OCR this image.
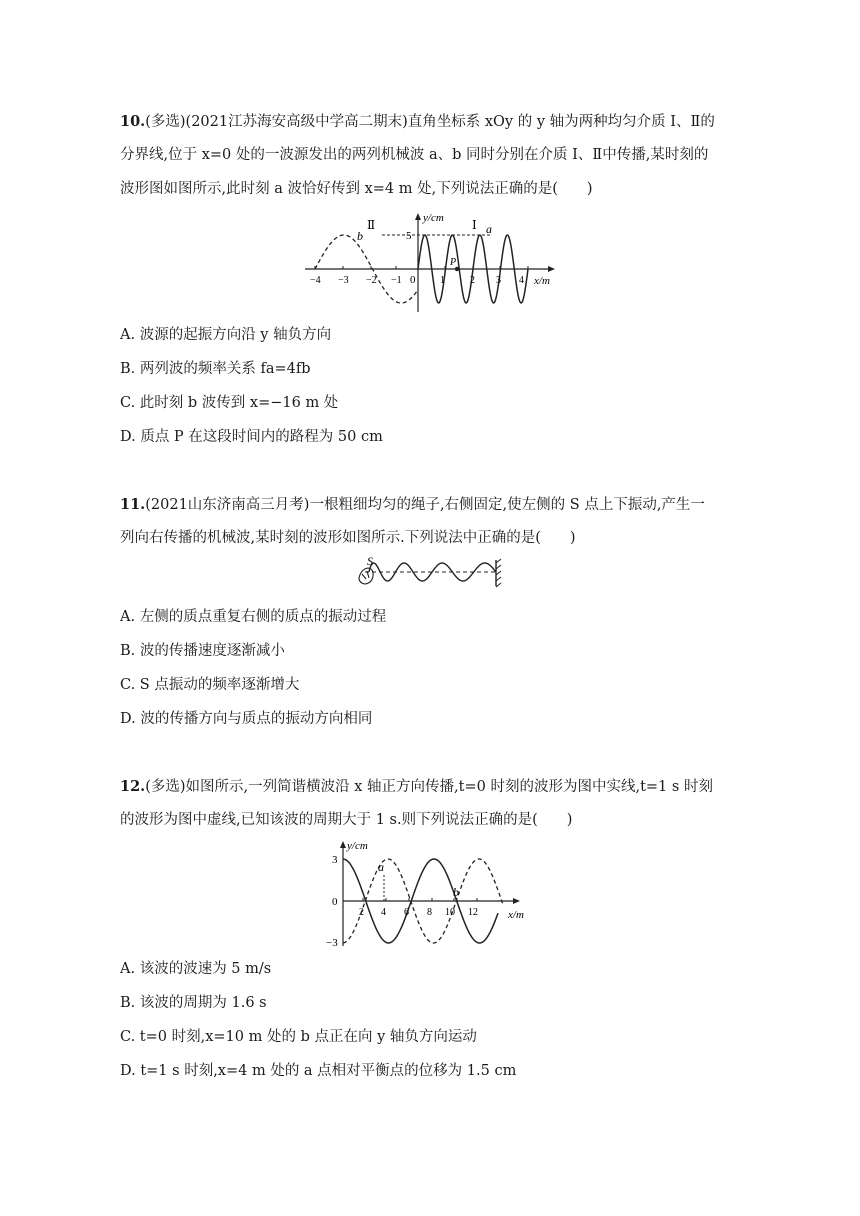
10.(多选)(2021江苏海安高级中学高二期末)直角坐标系 xOy 的 y 轴为两种均匀介质 Ⅰ、Ⅱ的
分界线,位于 x=0 处的一波源发出的两列机械波 a、b 同时分别在介质 Ⅰ、Ⅱ中传播,某时刻的
波形图如图所示,此时刻 a 波恰好传到 x=4 m 处,下列说法正确的是(　　)
y/cm
x/m
5
0
b
Ⅱ	Ⅰ a
P
−4 −3 −2 −1	1	2 3 4
A. 波源的起振方向沿 y 轴负方向
B. 两列波的频率关系 fa=4fb
C. 此时刻 b 波传到 x=−16 m 处
D. 质点 P 在这段时间内的路程为 50 cm
11.(2021山东济南高三月考)一根粗细均匀的绳子,右侧固定,使左侧的 S 点上下振动,产生一
列向右传播的机械波,某时刻的波形如图所示.下列说法中正确的是(　　)
S
A. 左侧的质点重复右侧的质点的振动过程
B. 波的传播速度逐渐减小
C. S 点振动的频率逐渐增大
D. 波的传播方向与质点的振动方向相同
12.(多选)如图所示,一列简谐横波沿 x 轴正方向传播,t=0 时刻的波形为图中实线,t=1 s 时刻
的波形为图中虚线,已知该波的周期大于 1 s.则下列说法正确的是(　　)
y/cm
x/m
3
−3
0
a
b
2 4 6 8 10 12
A. 该波的波速为 5 m/s
B. 该波的周期为 1.6 s
C. t=0 时刻,x=10 m 处的 b 点正在向 y 轴负方向运动
D. t=1 s 时刻,x=4 m 处的 a 点相对平衡点的位移为 1.5 cm
